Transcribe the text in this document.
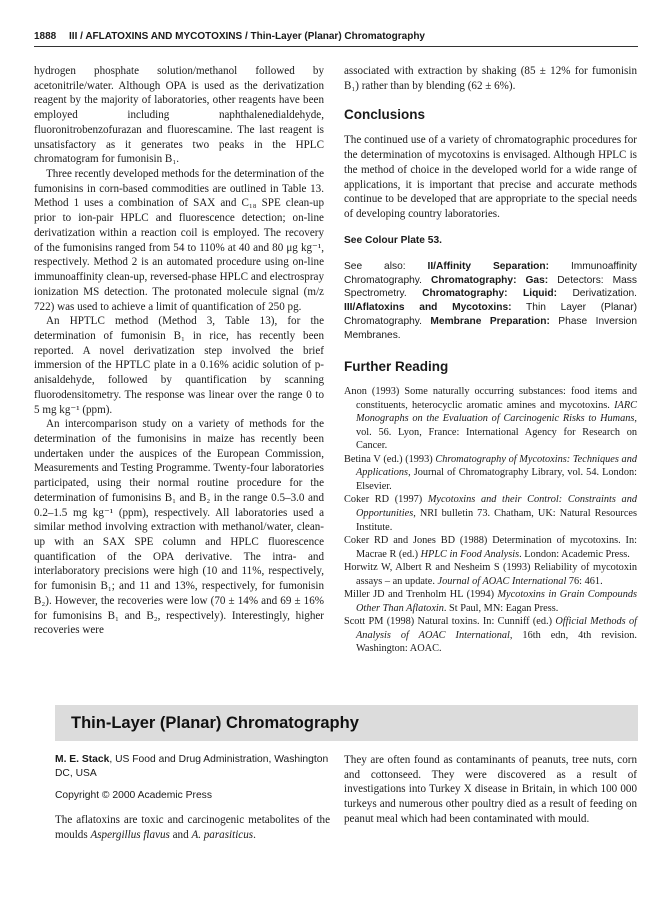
1888 III / AFLATOXINS AND MYCOTOXINS / Thin-Layer (Planar) Chromatography

hydrogen phosphate solution/methanol followed by acetonitrile/water. Although OPA is used as the derivatization reagent by the majority of laboratories, other reagents have been employed including naphthalenedialdehyde, fluoronitrobenzofurazan and fluorescamine. The last reagent is unsatisfactory as it generates two peaks in the HPLC chromatogram for fumonisin B₁.

Three recently developed methods for the determination of the fumonisins in corn-based commodities are outlined in Table 13. Method 1 uses a combination of SAX and C₁₈ SPE clean-up prior to ion-pair HPLC and fluorescence detection; on-line derivatization within a reaction coil is employed. The recovery of the fumonisins ranged from 54 to 110% at 40 and 80 μg kg⁻¹, respectively. Method 2 is an automated procedure using on-line immunoaffinity clean-up, reversed-phase HPLC and electrospray ionization MS detection. The protonated molecule signal (m/z 722) was used to achieve a limit of quantification of 250 pg.

An HPTLC method (Method 3, Table 13), for the determination of fumonisin B₁ in rice, has recently been reported. A novel derivatization step involved the brief immersion of the HPTLC plate in a 0.16% acidic solution of p-anisaldehyde, followed by quantification by scanning fluorodensitometry. The response was linear over the range 0 to 5 mg kg⁻¹ (ppm).

An intercomparison study on a variety of methods for the determination of the fumonisins in maize has recently been undertaken under the auspices of the European Commission, Measurements and Testing Programme. Twenty-four laboratories participated, using their normal routine procedure for the determination of fumonisins B₁ and B₂ in the range 0.5–3.0 and 0.2–1.5 mg kg⁻¹ (ppm), respectively. All laboratories used a similar method involving extraction with methanol/water, clean-up with an SAX SPE column and HPLC fluorescence quantification of the OPA derivative. The intra- and interlaboratory precisions were high (10 and 11%, respectively, for fumonisin B₁; and 11 and 13%, respectively, for fumonisin B₂). However, the recoveries were low (70 ± 14% and 69 ± 16% for fumonisins B₁ and B₂, respectively). Interestingly, higher recoveries were

associated with extraction by shaking (85 ± 12% for fumonisin B₁) rather than by blending (62 ± 6%).

Conclusions

The continued use of a variety of chromatographic procedures for the determination of mycotoxins is envisaged. Although HPLC is the method of choice in the developed world for a wide range of applications, it is important that precise and accurate methods continue to be developed that are appropriate to the special needs of developing country laboratories.

See Colour Plate 53.

See also: II/Affinity Separation: Immunoaffinity Chromatography. Chromatography: Gas: Detectors: Mass Spectrometry. Chromatography: Liquid: Derivatization. III/Aflatoxins and Mycotoxins: Thin Layer (Planar) Chromatography. Membrane Preparation: Phase Inversion Membranes.

Further Reading

Anon (1993) Some naturally occurring substances: food items and constituents, heterocyclic aromatic amines and mycotoxins. IARC Monographs on the Evaluation of Carcinogenic Risks to Humans, vol. 56. Lyon, France: International Agency for Research on Cancer.

Betina V (ed.) (1993) Chromatography of Mycotoxins: Techniques and Applications, Journal of Chromatography Library, vol. 54. London: Elsevier.

Coker RD (1997) Mycotoxins and their Control: Constraints and Opportunities, NRI bulletin 73. Chatham, UK: Natural Resources Institute.

Coker RD and Jones BD (1988) Determination of mycotoxins. In: Macrae R (ed.) HPLC in Food Analysis. London: Academic Press.

Horwitz W, Albert R and Nesheim S (1993) Reliability of mycotoxin assays – an update. Journal of AOAC International 76: 461.

Miller JD and Trenholm HL (1994) Mycotoxins in Grain Compounds Other Than Aflatoxin. St Paul, MN: Eagan Press.

Scott PM (1998) Natural toxins. In: Cunniff (ed.) Official Methods of Analysis of AOAC International, 16th edn, 4th revision. Washington: AOAC.

Thin-Layer (Planar) Chromatography

M. E. Stack, US Food and Drug Administration, Washington DC, USA

Copyright © 2000 Academic Press

The aflatoxins are toxic and carcinogenic metabolites of the moulds Aspergillus flavus and A. parasiticus.

They are often found as contaminants of peanuts, tree nuts, corn and cottonseed. They were discovered as a result of investigations into Turkey X disease in Britain, in which 100 000 turkeys and numerous other poultry died as a result of feeding on peanut meal which had been contaminated with mould.
